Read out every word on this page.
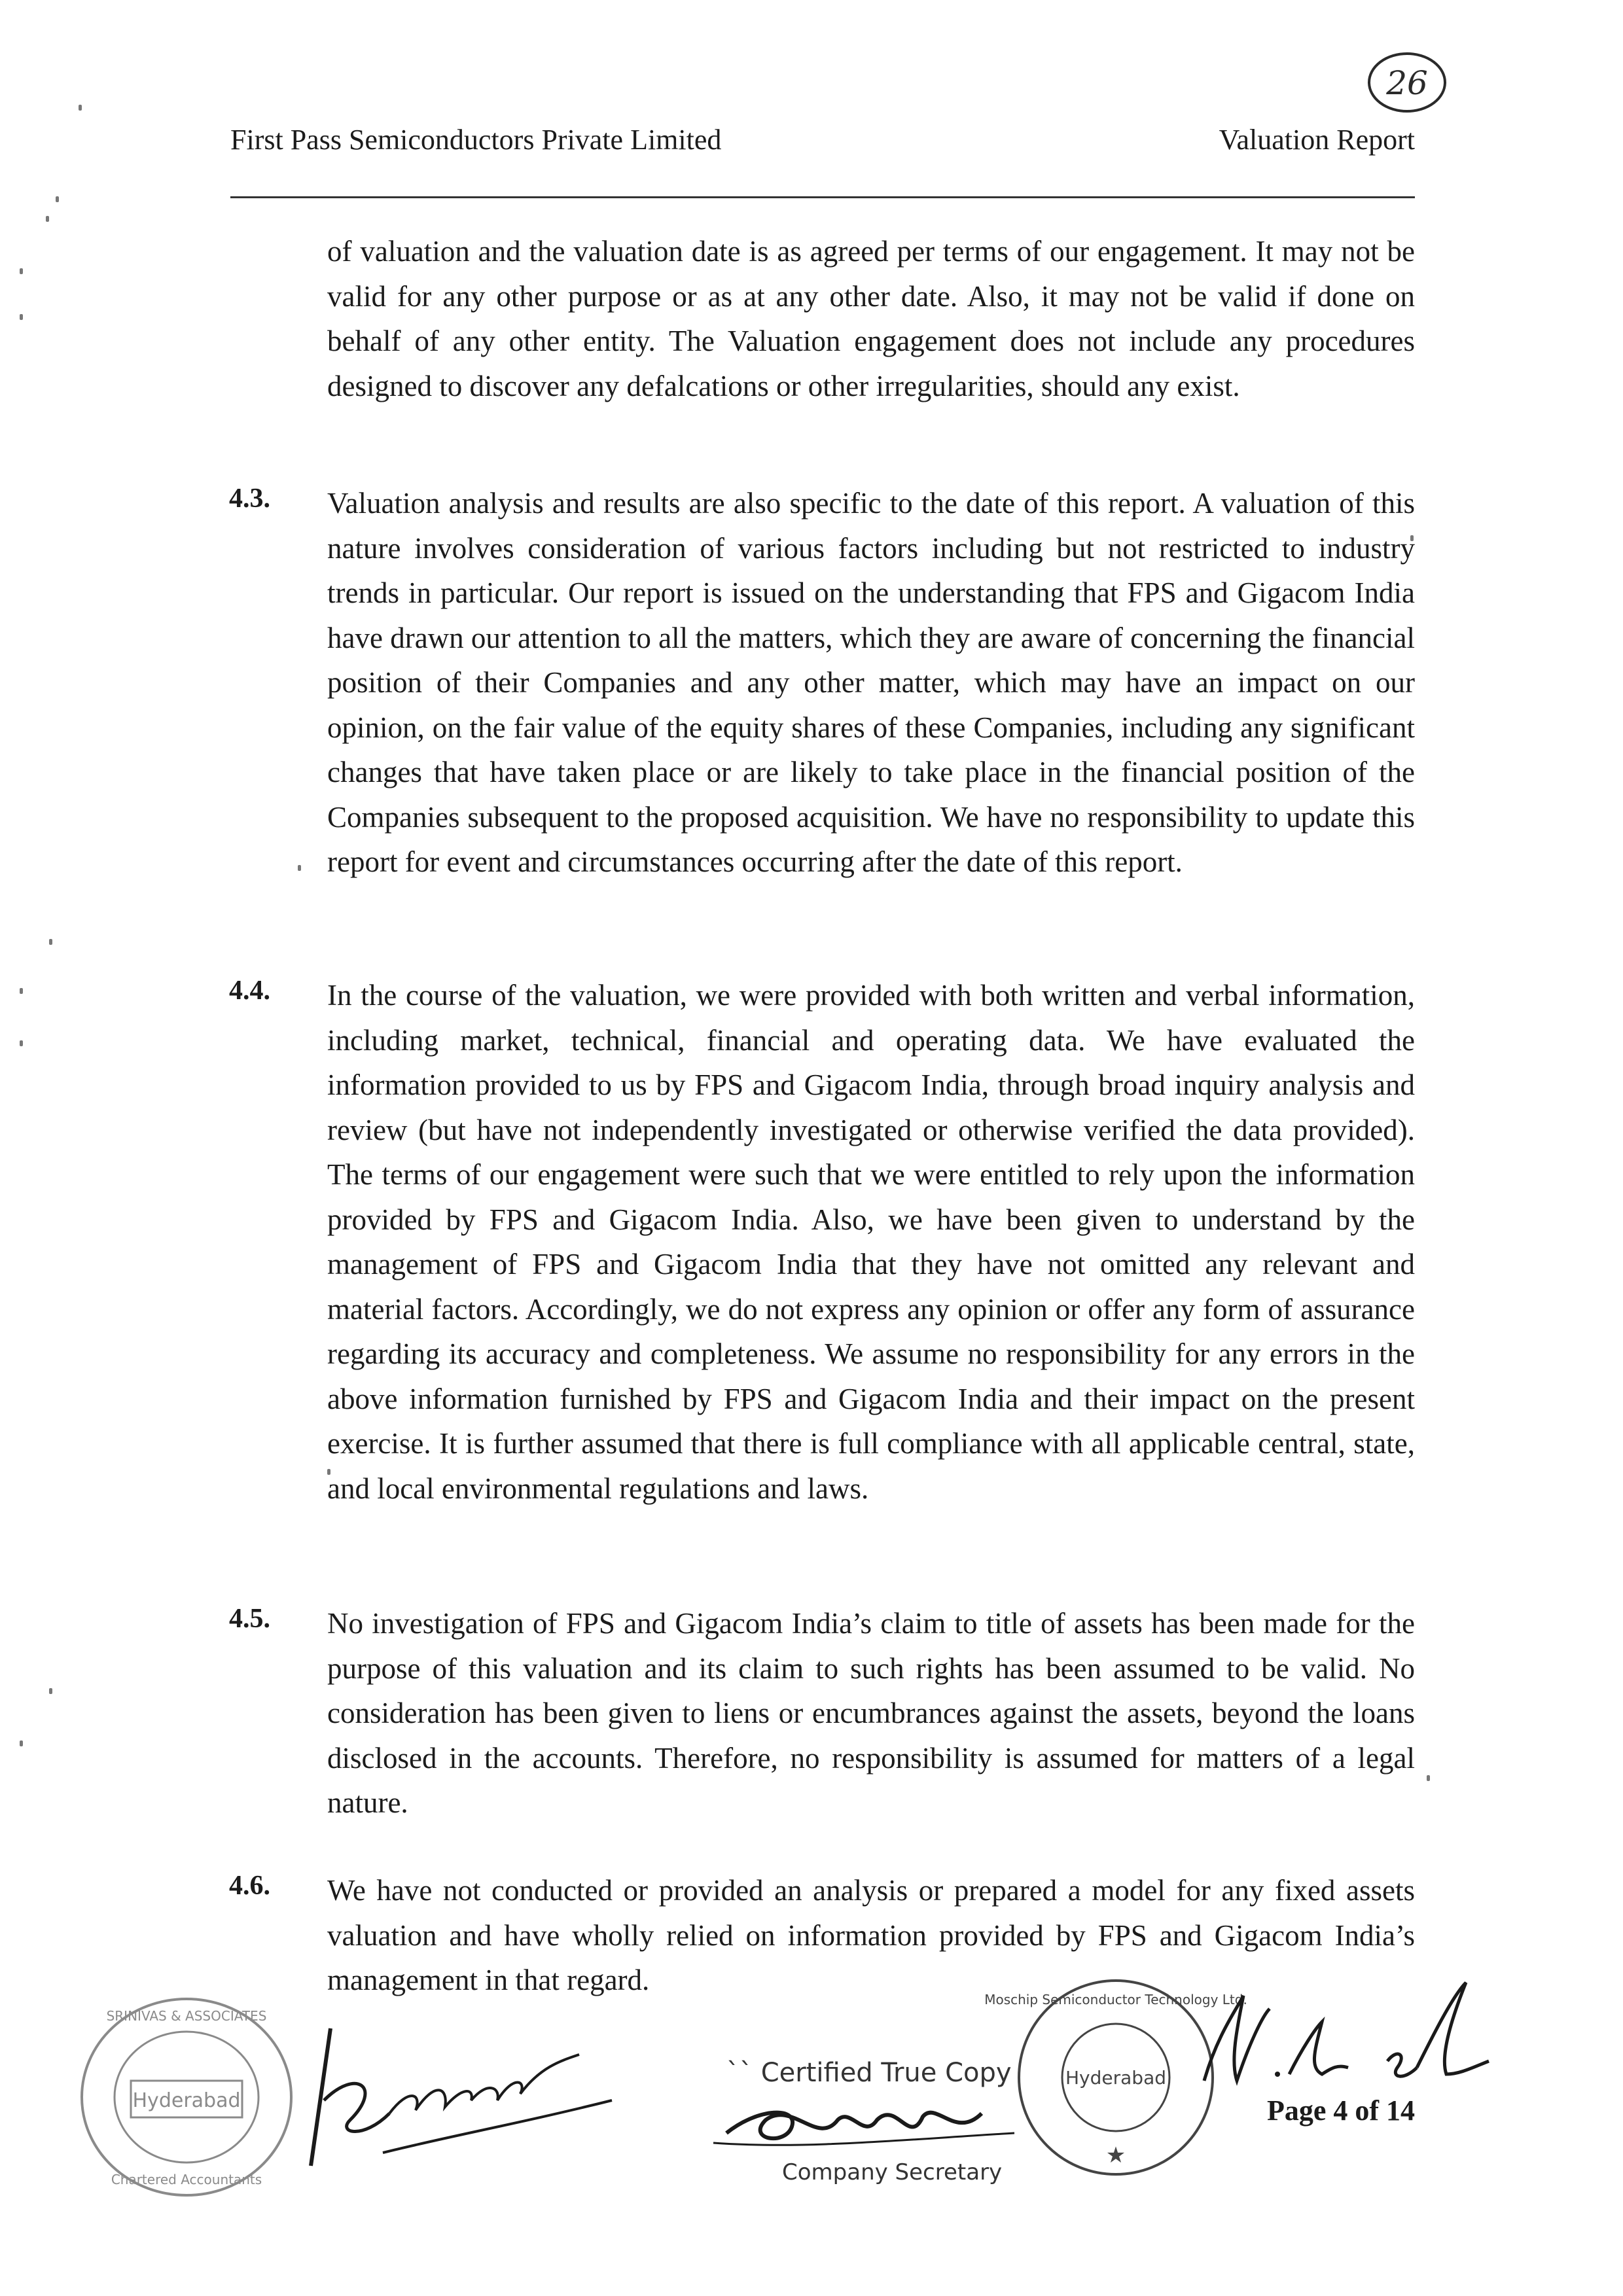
First Pass Semiconductors Private Limited	Valuation Report
26
of valuation and the valuation date is as agreed per terms of our engagement. It may not be valid for any other purpose or as at any other date. Also, it may not be valid if done on behalf of any other entity. The Valuation engagement does not include any procedures designed to discover any defalcations or other irregularities, should any exist.
4.3. Valuation analysis and results are also specific to the date of this report. A valuation of this nature involves consideration of various factors including but not restricted to industry trends in particular. Our report is issued on the understanding that FPS and Gigacom India have drawn our attention to all the matters, which they are aware of concerning the financial position of their Companies and any other matter, which may have an impact on our opinion, on the fair value of the equity shares of these Companies, including any significant changes that have taken place or are likely to take place in the financial position of the Companies subsequent to the proposed acquisition. We have no responsibility to update this report for event and circumstances occurring after the date of this report.
4.4. In the course of the valuation, we were provided with both written and verbal information, including market, technical, financial and operating data. We have evaluated the information provided to us by FPS and Gigacom India, through broad inquiry analysis and review (but have not independently investigated or otherwise verified the data provided). The terms of our engagement were such that we were entitled to rely upon the information provided by FPS and Gigacom India. Also, we have been given to understand by the management of FPS and Gigacom India that they have not omitted any relevant and material factors. Accordingly, we do not express any opinion or offer any form of assurance regarding its accuracy and completeness. We assume no responsibility for any errors in the above information furnished by FPS and Gigacom India and their impact on the present exercise. It is further assumed that there is full compliance with all applicable central, state, and local environmental regulations and laws.
4.5. No investigation of FPS and Gigacom India’s claim to title of assets has been made for the purpose of this valuation and its claim to such rights has been assumed to be valid. No consideration has been given to liens or encumbrances against the assets, beyond the loans disclosed in the accounts. Therefore, no responsibility is assumed for matters of a legal nature.
4.6. We have not conducted or provided an analysis or prepared a model for any fixed assets valuation and have wholly relied on information provided by FPS and Gigacom India’s management in that regard.
Hyderabad
SRINIVAS & ASSOCIATES
Chartered Accountants
`` Certified True Copy
Company Secretary
Hyderabad
Moschip Semiconductor Technology Ltd.
★
Page 4 of 14
